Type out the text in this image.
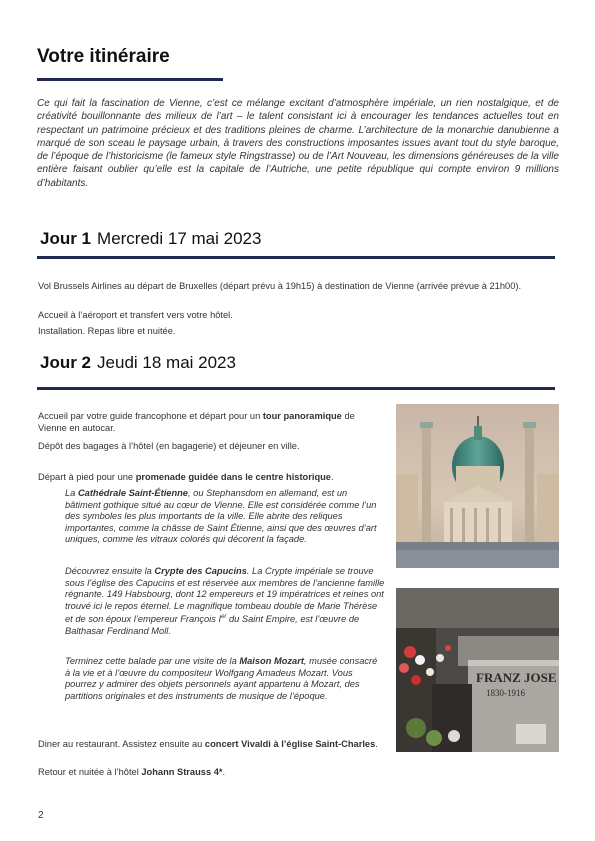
Votre itinéraire

Ce qui fait la fascination de Vienne, c’est ce mélange excitant d’atmosphère impériale, un rien nostalgique, et de créativité bouillonnante des milieux de l’art – le talent consistant ici à encourager les tendances actuelles tout en respectant un patrimoine précieux et des traditions pleines de charme. L’architecture de la monarchie danubienne a marqué de son sceau le paysage urbain, à travers des constructions imposantes issues avant tout du style baroque, de l’époque de l’historicisme (le fameux style Ringstrasse) ou de l’Art Nouveau, les dimensions généreuses de la ville entière faisant oublier qu’elle est la capitale de l’Autriche, une petite république qui compte environ 9 millions d’habitants.

Jour 1 Mercredi 17 mai 2023

Vol Brussels Airlines au départ de Bruxelles (départ prévu à 19h15) à destination de Vienne (arrivée prévue à 21h00).

Accueil à l’aéroport et transfert vers votre hôtel.

Installation. Repas libre et nuitée.

Jour 2 Jeudi 18 mai 2023

Accueil par votre guide francophone et départ pour un tour panoramique de Vienne en autocar.

Dépôt des bagages à l’hôtel (en bagagerie) et déjeuner en ville.

Départ à pied pour une promenade guidée dans le centre historique.

La Cathédrale Saint-Étienne, ou Stephansdom en allemand, est un bâtiment gothique situé au cœur de Vienne. Elle est considérée comme l’un des symboles les plus importants de la ville. Elle abrite des reliques importantes, comme la châsse de Saint Étienne, ainsi que des œuvres d’art uniques, comme les vitraux colorés qui décorent la façade.

Découvrez ensuite la Crypte des Capucins. La Crypte impériale se trouve sous l’église des Capucins et est réservée aux membres de l’ancienne famille régnante. 149 Habsbourg, dont 12 empereurs et 19 impératrices et reines ont trouvé ici le repos éternel. Le magnifique tombeau double de Marie Thérèse et de son époux l’empereur François Ier du Saint Empire, est l’œuvre de Balthasar Ferdinand Moll.

Terminez cette balade par une visite de la Maison Mozart, musée consacré à la vie et à l’œuvre du compositeur Wolfgang Amadeus Mozart. Vous pourrez y admirer des objets personnels ayant appartenu à Mozart, des partitions originales et des instruments de musique de l’époque.

Diner au restaurant. Assistez ensuite au concert Vivaldi à l’église Saint-Charles.

Retour et nuitée à l’hôtel Johann Strauss 4*.

FRANZ JOSE
1830-1916
2
